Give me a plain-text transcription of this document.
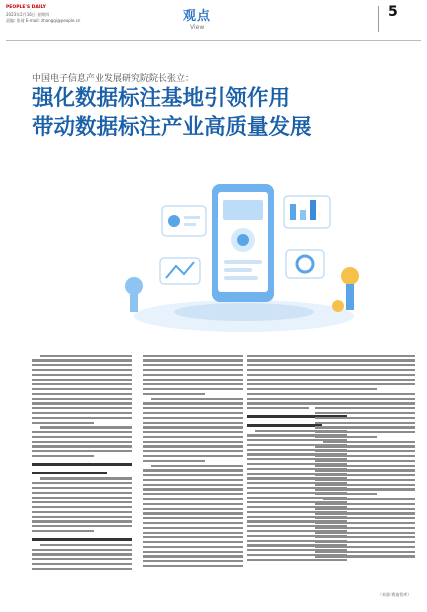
PEOPLE'S DAILY
2023年2月16日 星期四
责编: 张琦 E-mail: zhangqi@people.cn	观点
View
5
中国电子信息产业发展研究院院长张立：
强化数据标注基地引领作用
带动数据标注产业高质量发展
（来源:赛迪智库）
